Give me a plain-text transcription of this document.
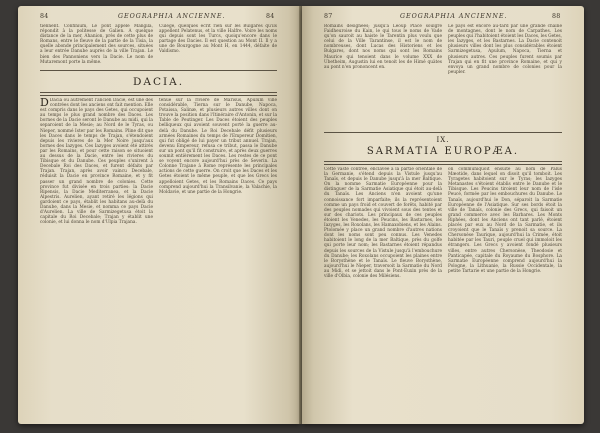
84	GEOGRAPHIA ANCIENNE.	84

tiennent. Confinium, Le pont appelé Mangila, répondit à la politesse de Galien. A quelque distance de la mer, Ahanion, près de cette plus de Romans, entre le fleuve de la partie de la Tisia, la quelle abonde principalement des sources, situées a leur entrée Danube auprès de la ville Trajan. Le bien des Pannoniens vers la Dacie. Le nom de Mutaremont porte la même.

Culége, quelques écrit rien sur les Bulgares qu'ils appellent Pelatenus, et la ville Halfre. Voire les noms qui depuis sont les Turcs, quoiqu'encore dans le partage des Dacies. Il est question au Mont II. Il y a une de Bourgogne au Mont H, en 1444, défaite de Valdismo.

DACIA.

D Dacia ou autrement l'ancien Dacie, est une des contrées dont les anciens ont fait mention. Elle est compris dans le pays des Getes, qui occupoient au temps le plus grand nombre des Daces. Les bornes de la Dacie seront le Danube au midi, qui la separoient de la Mesie; au Nord de le Tyras, ou Nieper, nommé Ister par les Romains. Pline dit que les Daces dans le temps de Trajan, s'étendoient depuis les rivieres de la Mer Noire jusqu'aux bornes des Iazyges. Ces Iazyges avoient été attirés par les Romains, et pour cette raison se situoient au dessus de la Dacie, entre les rivieres du Tibisque et du Danube. Ces peuples s'unirent à Decebale Roi des Daces, et furent défaits par Trajan. Trajan, après avoir vaincu Decebale, réduisit la Dacie en province Romaine, et y fit passer un grand nombre de colonies. Cette province fut divisée en trois parties: la Dacie Ripensis, la Dacie Mediterranea, et la Dacie Alpestris. Aurelien, ayant retiré les légions qui gardoient ce pays, établit les habitans au-delà du Danube, dans la Mesie, et nomma ce pays Dacie d'Aurelien. La ville de Sarmizegetusa étoit la capitale du Roi Decebale; Trajan y établit une colonie, et lui donna le nom d'Ulpia Trajana.

tenuë sur la rivière de Marisus, Apulum ville considérable, Tierna sur le Danube, Napoca, Potaissa, Salinæ, et plusieurs autres villes dont on trouve la position dans l'Itinéraire d'Antonin, et sur la Table de Peutinger. Les Daces étoient des peuples belliqueux qui avoient souvent porté la guerre au-delà du Danube. Le Roi Decebale défit plusieurs armées Romaines du temps de l'Empereur Domitien, qui fut obligé de lui payer un tribut annuel. Trajan, devenu Empereur, refusa ce tribut, passa le Danube sur un pont qu'il fit construire, et après deux guerres soumit entièrement les Daces. Les restes de ce pont se voyent encore aujourd'hui près de Severin. La Colonne Trajane à Rome représente les principales actions de cette guerre. On croit que les Daces et les Getes étoient le même peuple, et que les Grecs les appelloient Getes, et les Romains Daces. Ce pays comprend aujourd'hui la Transilvanie, la Valachie, la Moldavie, et une partie de la Hongrie.

87	GEOGRAPHIA ANCIENNE.	88

Romains désignées; jusqu'à Leoup Place soulgré Faidheuroise du Kain, le qui tous le noms de Vade qu'on sauroit au haiste le Tarentin plus voulu que celui de la Ville Tarantinse, il est le nom de nombreuses, dont Lucas des Historiens et les Bulgares, dont nos noms qui sont les Romains Maurice qui tenoient dans le volume XXX de Ubetheim, Augustin lui en tenoit les de Himé quàtes au pont n'en prononcent en.

Le pays est encore au-tard par une grande chaîne de montagnes, dont le nom de Carpathes. Les peuples qui l'habitoient étoient les Daces, les Getes, les Iazyges, et les Bastarnes. La Dacie contenoit plusieurs villes dont les plus considérables étoient Sarmizegetusa, Apulum, Napoca, Tierna et plusieurs autres. Ces peuples furent soumis par Trajan qui en fit une province Romaine, et qui y envoya un grand nombre de colonies pour la peupler.

IX.
SARMATIA EUROPÆA.

Cette vaste contrée, enclavée a la partie orientale de la Germanie, s'étend depuis la Vistule jusqu'au Tanaïs, et depuis le Danube jusqu'à la mer Baltique. On la nomme Sarmatie Européenne pour la distinguer de la Sarmatie Asiatique qui étoit au-delà du Tanaïs. Les Anciens n'en avoient qu'une connoissance fort imparfaite; ils la représentoient comme un pays froid et couvert de forêts, habité par des peuples nomades qui vivoient sous des tentes et sur des chariots. Les principaux de ces peuples étoient les Venedes, les Peucins, les Bastarnes, les Iazyges, les Roxolans, les Hamaxobiens, et les Alains. Ptolomée y place un grand nombre d'autres nations dont les noms sont peu connus. Les Venedes habitoient le long de la mer Baltique, près du golfe qui porte leur nom; les Bastarnes étoient répandus depuis les sources de la Vistule jusqu'à l'embouchure du Danube; les Roxolans occupoient les plaines entre le Borysthène et le Tanaïs. Le fleuve Borysthène, aujourd'hui le Nieper, traversoit la Sarmatie du Nord au Midi, et se jettoit dans le Pont-Euxin près de la ville d'Olbia, colonie des Milésiens.

on communiquoit ensuite au nom de Palus Mæotide, dans lequel on disoit qu'il tomboit. Les Tyragetes habitoient sur le Tyras; les Iazyges Metanastes s'étoient établis entre le Danube et le Tibisque. Les Peucins tiroient leur nom de l'isle Peucé, formée par les embouchures du Danube. Le Tanaïs, aujourd'hui le Don, séparoit la Sarmatie Européenne de l'Asiatique. Sur ses bords étoit la ville de Tanaïs, colonie des Grecs, qui faisoit un grand commerce avec les Barbares. Les Monts Riphées, dont les Anciens ont tant parlé, étoient placés par eux au Nord de la Sarmatie, et ils croyoient que le Tanaïs y prenoit sa source. La Chersonèse Taurique, aujourd'hui la Crimée, étoit habitée par les Tauri, peuple cruel qui immoloit les étrangers. Les Grecs y avoient fondé plusieurs villes, entre autres Chersonèse, Theodosie et Panticapée, capitale du Royaume du Bosphore. La Sarmatie Européenne comprend aujourd'hui la Pologne, la Lithuanie, la Russie Occidentale, la petite Tartarie et une partie de la Hongrie.
